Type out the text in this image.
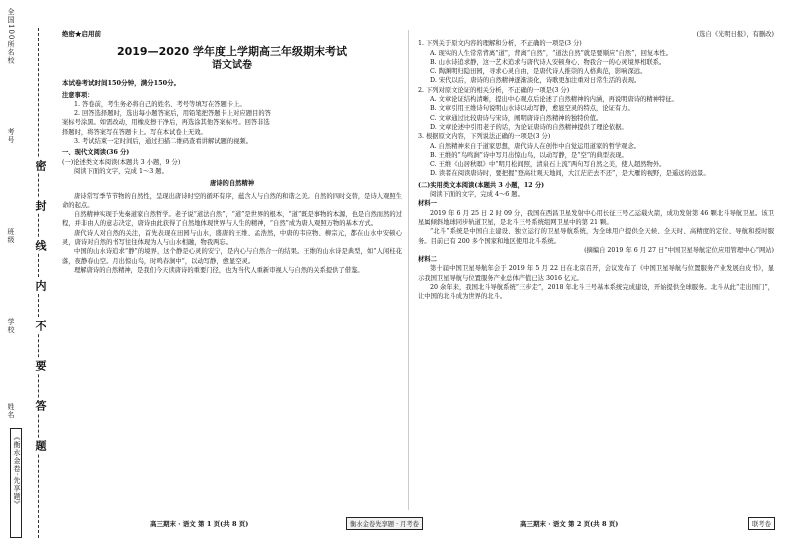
全国100所名校
考号
班级
学校
姓名
《衡水金卷·先享题》
密
封
线
内
不
要
答
题
绝密★启用前
2019—2020 学年度上学期高三年级期末考试
语文试卷
本试卷考试时间150分钟，满分150分。
注意事项：
1. 答卷前，考生务必将自己的姓名、考号等填写在答题卡上。
2. 回答选择题时，选出每小题答案后，用铅笔把答题卡上对应题目的答
案标号涂黑。如需改动，用橡皮擦干净后，再选涂其他答案标号。回答非选
择题时，将答案写在答题卡上。写在本试卷上无效。
3. 考试结束一定时间后，通过扫描二维码查看讲解试题的视频。
一、现代文阅读(36 分)
(一)论述类文本阅读(本题共 3 小题，9 分)
阅读下面的文字，完成 1～3 题。
唐诗的自然精神
唐诗常写季节节物的自然性，呈现出唐诗时空的循环有序，蕴含人与自然的和谐之美。自然的四时交替，是诗人观照生命的起点。
自然精神实现于先秦道家自然哲学。老子说“道法自然”，“道”是世界的根本，“道”既是事物的本源，也是自然而然的过程，并非由人的意志决定，唐诗由此获得了自然地体现世界与人生的精神，“自然”成为唐人观照万物的基本方式。
唐代诗人对自然的关注，首先表现在田园与山水，盛唐的王维、孟浩然，中唐的韦应物、柳宗元，都在山水中安顿心灵，唐诗对自然的书写往往体现为人与山水相融，物我两忘。
中国的山水诗追求“静”的境界，这个静是心灵的安宁，是内心与自然合一的结果。王维的山水诗是典型，如“人闲桂花落，夜静春山空。月出惊山鸟，时鸣春涧中”，以动写静，愈显空灵。
理解唐诗的自然精神，是我们今天读唐诗的重要门径，也为当代人重新审视人与自然的关系提供了借鉴。
(选自《光明日报》，有删改)
1. 下列关于原文内容的理解和分析，不正确的一项是(3 分)
A. 现实的人生常常背离“道”，背离“自然”，“道法自然”就是要顺应“自然”，回复本性。
B. 山水诗追求静，这一艺术追求与唐代诗人安顿身心、物我合一的心灵境界相联系。
C. 陶渊明归隐田园，寻求心灵自由，是唐代诗人推崇的人格典范，影响深远。
D. 宋代以后，唐诗的自然精神逐渐淡化，诗歌更加注重对日常生活的表现。
2. 下列对原文论证的相关分析，不正确的一项是(3 分)
A. 文章论证结构清晰，提出中心观点后论述了自然精神的内涵，再说明唐诗的精神特征。
B. 文章引用王维诗句说明山水诗以动写静，愈显空灵的特点，论证有力。
C. 文章通过比较唐诗与宋诗，阐明唐诗自然精神的独特价值。
D. 文章论述中引用老子的话，为论证唐诗的自然精神提供了理论依据。
3. 根据原文内容，下列说法正确的一项是(3 分)
A. 自然精神来自于道家思想，唐代诗人在创作中自觉运用道家的哲学观念。
B. 王维的“鸟鸣涧”诗中写月出惊山鸟，以动写静，是“空”的典型表现。
C. 王维《山居秋暝》中“明月松间照，清泉石上流”两句写自然之美，使人超然物外。
D. 读者在阅读唐诗时，要把握“登高壮观天地间，大江茫茫去不还”，是大雁的视野，是遥远的远景。
(二)实用类文本阅读(本题共 3 小题，12 分)
阅读下面的文字，完成 4～6 题。
材料一
2019 年 6 月 25 日 2 时 09 分，我国在西昌卫星发射中心用长征三号乙运载火箭，成功发射第 46 颗北斗导航卫星。该卫星属倾斜地球同步轨道卫星，是北斗三号系统组网卫星中的第 21 颗。
“北斗”系统是中国自主建设、独立运行的卫星导航系统，为全球用户提供全天候、全天时、高精度的定位、导航和授时服务。目前已有 200 多个国家和地区使用北斗系统。
(摘编自 2019 年 6 月 27 日“中国卫星导航定位应用管理中心”网站)
材料二
第十届中国卫星导航年会于 2019 年 5 月 22 日在北京召开，会议发布了《中国卫星导航与位置服务产业发展白皮书》，显示我国卫星导航与位置服务产业总体产值已达 3016 亿元。
20 余年来，我国北斗导航系统“三步走”，2018 年北斗三号基本系统完成建设，开始提供全球服务。北斗从此“走出国门”，让中国的北斗成为世界的北斗。
高三期末 · 语文 第 1 页(共 8 页)	衡水金卷先享题 · 月考卷	高三期末 · 语文 第 2 页(共 8 页)	联考卷
